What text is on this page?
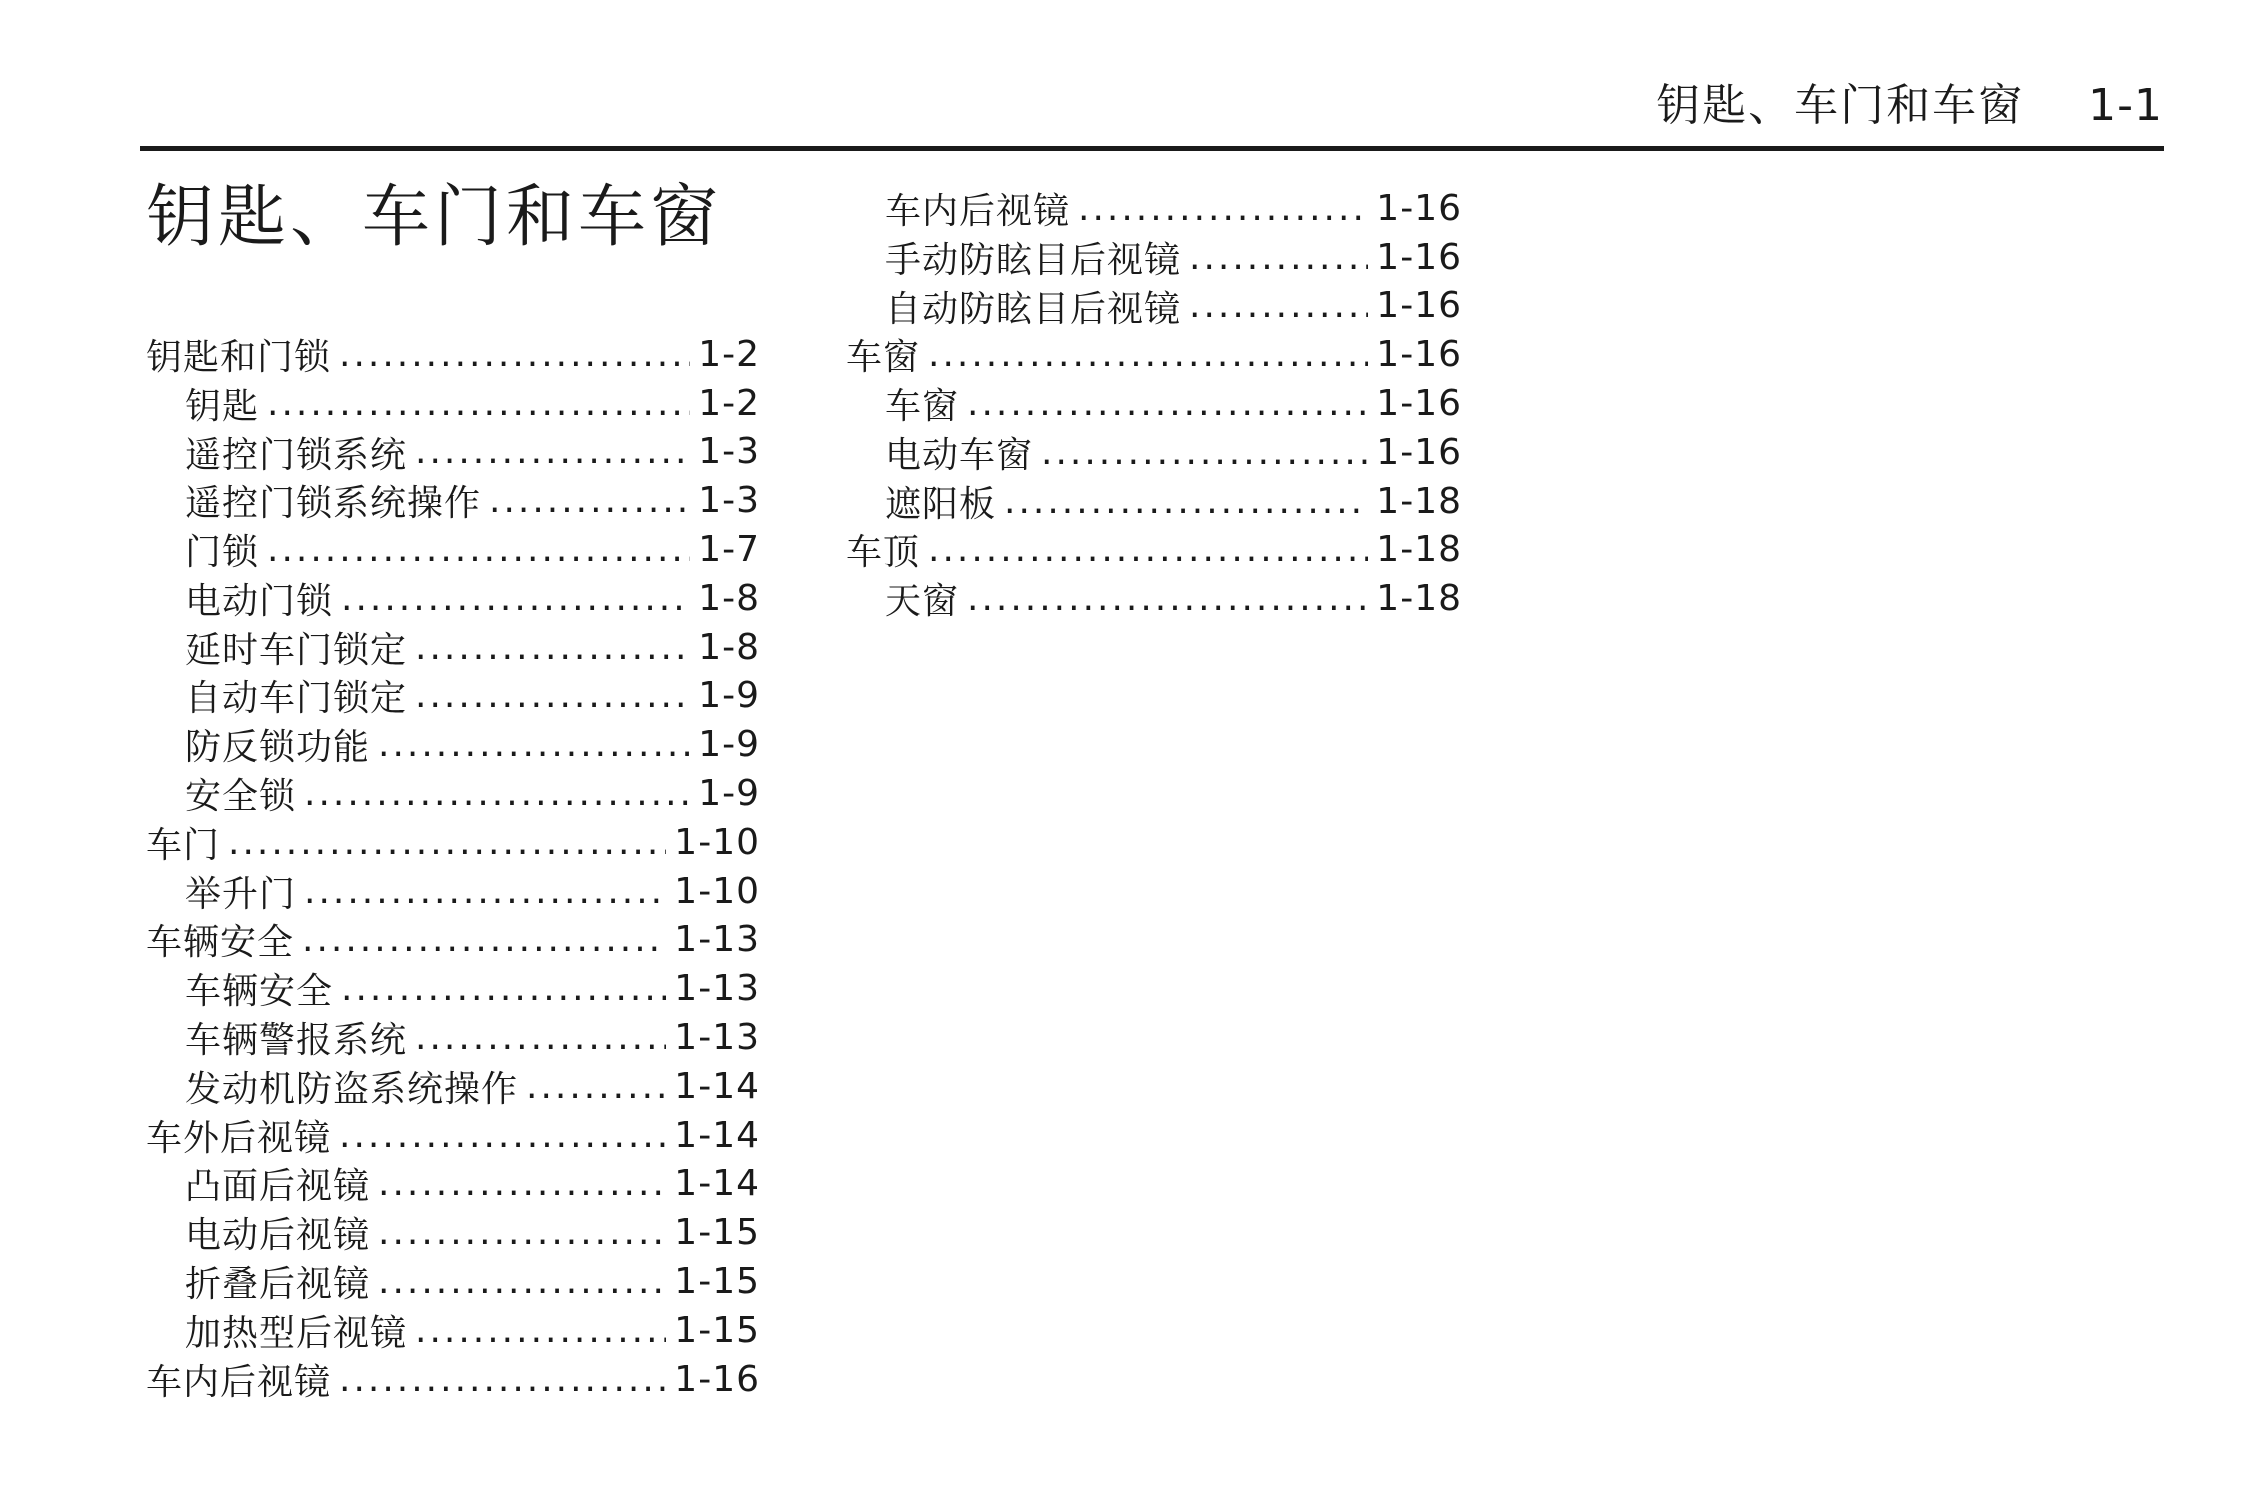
钥匙、车门和车窗 1-1
钥匙、车门和车窗
钥匙和门锁 .....	1-2
钥匙 .....	1-2
遥控门锁系统 .....	1-3
遥控门锁系统操作 .....	1-3
门锁 .....	1-7
电动门锁 .....	1-8
延时车门锁定 .....	1-8
自动车门锁定 .....	1-9
防反锁功能 .....	1-9
安全锁 .....	1-9
车门 .....	1-10
举升门 .....	1-10
车辆安全 .....	1-13
车辆安全 .....	1-13
车辆警报系统 .....	1-13
发动机防盗系统操作 .....	1-14
车外后视镜 .....	1-14
凸面后视镜 .....	1-14
电动后视镜 .....	1-15
折叠后视镜 .....	1-15
加热型后视镜 .....	1-15
车内后视镜 .....	1-16
车内后视镜 .....	1-16
手动防眩目后视镜 .....	1-16
自动防眩目后视镜 .....	1-16
车窗 .....	1-16
车窗 .....	1-16
电动车窗 .....	1-16
遮阳板 .....	1-18
车顶 .....	1-18
天窗 .....	1-18
